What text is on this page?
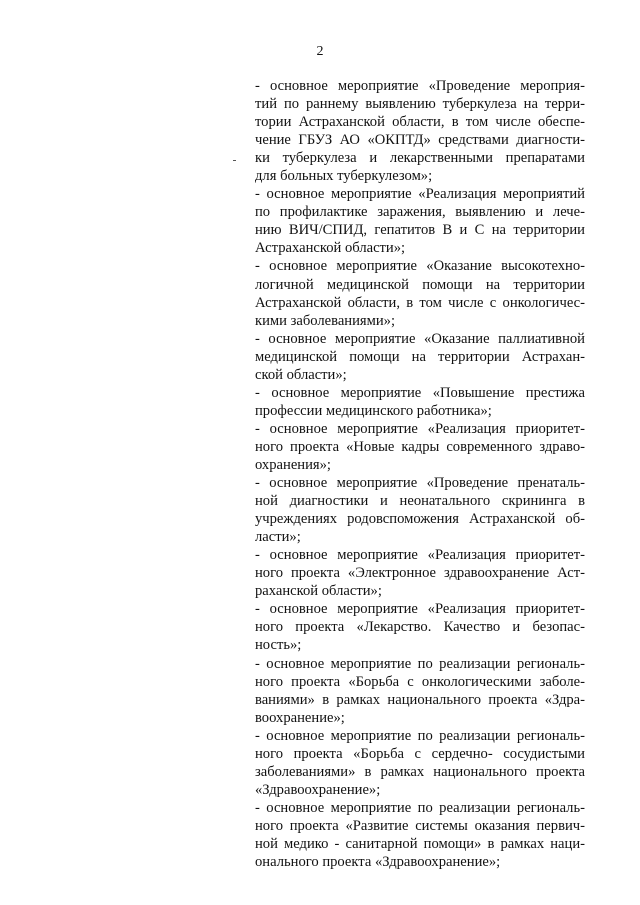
2
- основное мероприятие «Проведение мероприя-
тий по раннему выявлению туберкулеза на терри-
тории Астраханской области, в том числе обеспе-
чение ГБУЗ АО «ОКПТД» средствами диагности-
ки туберкулеза и лекарственными препаратами
для больных туберкулезом»;
- основное мероприятие «Реализация мероприятий
по профилактике заражения, выявлению и лече-
нию ВИЧ/СПИД, гепатитов В и С на территории
Астраханской области»;
- основное мероприятие «Оказание высокотехно-
логичной медицинской помощи на территории
Астраханской области, в том числе с онкологичес-
кими заболеваниями»;
- основное мероприятие «Оказание паллиативной
медицинской помощи на территории Астрахан-
ской области»;
- основное мероприятие «Повышение престижа
профессии медицинского работника»;
- основное мероприятие «Реализация приоритет-
ного проекта «Новые кадры современного здраво-
охранения»;
- основное мероприятие «Проведение пренаталь-
ной диагностики и неонатального скрининга в
учреждениях родовспоможения Астраханской об-
ласти»;
- основное мероприятие «Реализация приоритет-
ного проекта «Электронное здравоохранение Аст-
раханской области»;
- основное мероприятие «Реализация приоритет-
ного проекта «Лекарство. Качество и безопас-
ность»;
- основное мероприятие по реализации региональ-
ного проекта «Борьба с онкологическими заболе-
ваниями» в рамках национального проекта «Здра-
воохранение»;
- основное мероприятие по реализации региональ-
ного проекта «Борьба с сердечно- сосудистыми
заболеваниями» в рамках национального проекта
«Здравоохранение»;
- основное мероприятие по реализации региональ-
ного проекта «Развитие системы оказания первич-
ной медико - санитарной помощи» в рамках наци-
онального проекта «Здравоохранение»;
